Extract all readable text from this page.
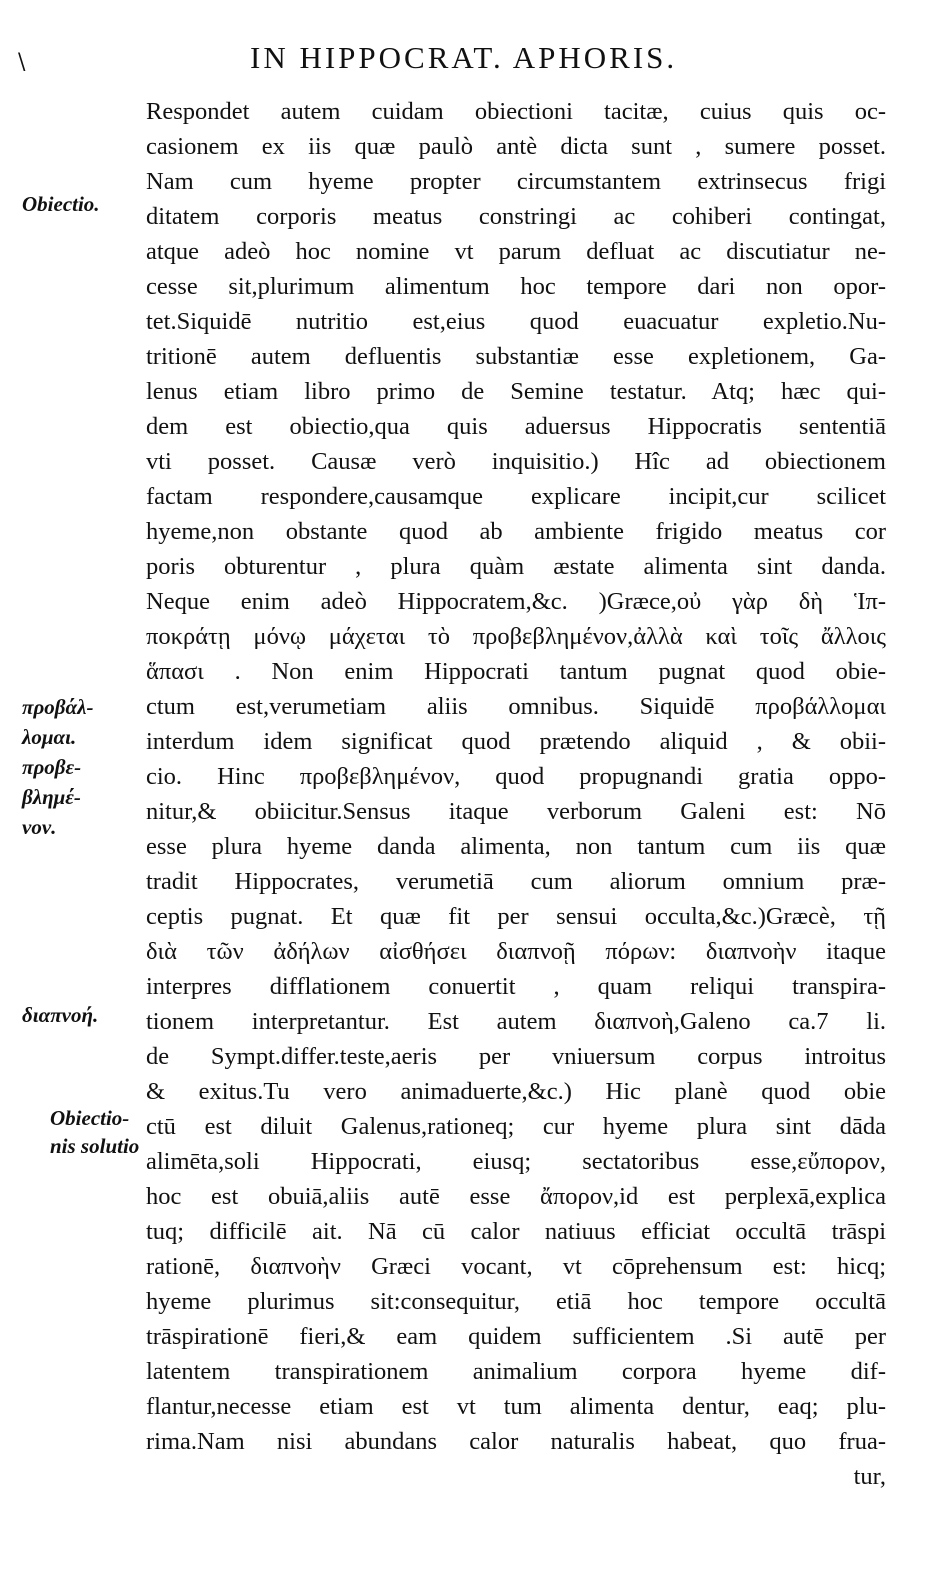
\	IN HIPPOCRAT. APHORIS.
Obiectio.
προβάλ-
λομαι.
προβε-
βλημέ-
νον.
διαπνοή.
Obiectio-
nis solutio
Respondet autem cuidam obiectioni tacitæ, cuius quis oc-
casionem ex iis quæ paulò antè dicta sunt , sumere posset.
Nam cum hyeme propter circumstantem extrinsecus frigi
ditatem corporis meatus constringi ac cohiberi contingat,
atque adeò hoc nomine vt parum defluat ac discutiatur ne-
cesse sit,plurimum alimentum hoc tempore dari non opor-
tet.Siquidē nutritio est,eius quod euacuatur expletio.Nu-
tritionē autem defluentis substantiæ esse expletionem, Ga-
lenus etiam libro primo de Semine testatur. Atq; hæc qui-
dem est obiectio,qua quis aduersus Hippocratis sententiā
vti posset. Causæ verò inquisitio.) Hîc ad obiectionem
factam respondere,causamque explicare incipit,cur scilicet
hyeme,non obstante quod ab ambiente frigido meatus cor
poris obturentur , plura quàm æstate alimenta sint danda.
Neque enim adeò Hippocratem,&c. )Græce,οὐ γὰρ δὴ Ἱπ-
ποκράτῃ μόνῳ μάχεται τὸ προβεβλημένον,ἀλλὰ καὶ τοῖς ἄλλοις
ἅπασι . Non enim Hippocrati tantum pugnat quod obie-
ctum est,verumetiam aliis omnibus. Siquidē προβάλλομαι
interdum idem significat quod prætendo aliquid , & obii-
cio. Hinc προβεβλημένον, quod propugnandi gratia oppo-
nitur,& obiicitur.Sensus itaque verborum Galeni est: Nō
esse plura hyeme danda alimenta, non tantum cum iis quæ
tradit Hippocrates, verumetiā cum aliorum omnium præ-
ceptis pugnat. Et quæ fit per sensui occulta,&c.)Græcè, τῇ
διὰ τῶν ἀδήλων αἰσθήσει διαπνοῇ πόρων: διαπνοὴν itaque
interpres difflationem conuertit , quam reliqui transpira-
tionem interpretantur. Est autem διαπνοὴ,Galeno ca.7 li.
de Sympt.differ.teste,aeris per vniuersum corpus introitus
& exitus.Tu vero animaduerte,&c.) Hic planè quod obie
ctū est diluit Galenus,rationeq; cur hyeme plura sint dāda
alimēta,soli Hippocrati, eiusq; sectatoribus esse,εὔπορον,
hoc est obuiā,aliis autē esse ἄπορον,id est perplexā,explica
tuq; difficilē ait. Nā cū calor natiuus efficiat occultā trāspi
rationē, διαπνοὴν Græci vocant, vt cōprehensum est: hicq;
hyeme plurimus sit:consequitur, etiā hoc tempore occultā
trāspirationē fieri,& eam quidem sufficientem .Si autē per
latentem transpirationem animalium corpora hyeme dif-
flantur,necesse etiam est vt tum alimenta dentur, eaq; plu-
rima.Nam nisi abundans calor naturalis habeat, quo frua-
tur,
